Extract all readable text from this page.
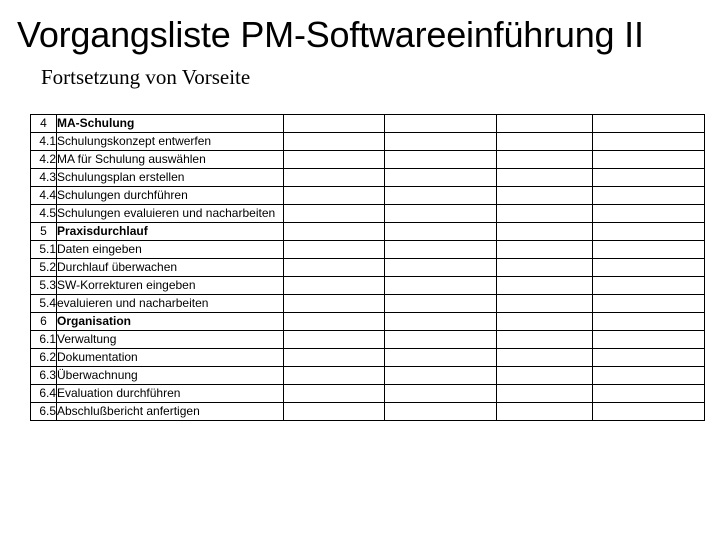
Vorgangsliste PM-Softwareeinführung II
Fortsetzung von Vorseite
4	MA-Schulung				
4.1	Schulungskonzept entwerfen				
4.2	MA für Schulung auswählen				
4.3	Schulungsplan erstellen				
4.4	Schulungen durchführen				
4.5	Schulungen evaluieren und nacharbeiten				
5	Praxisdurchlauf				
5.1	Daten eingeben				
5.2	Durchlauf überwachen				
5.3	SW-Korrekturen eingeben				
5.4	evaluieren und nacharbeiten				
6	Organisation				
6.1	Verwaltung				
6.2	Dokumentation				
6.3	Überwachnung				
6.4	Evaluation durchführen				
6.5	Abschlußbericht anfertigen				
